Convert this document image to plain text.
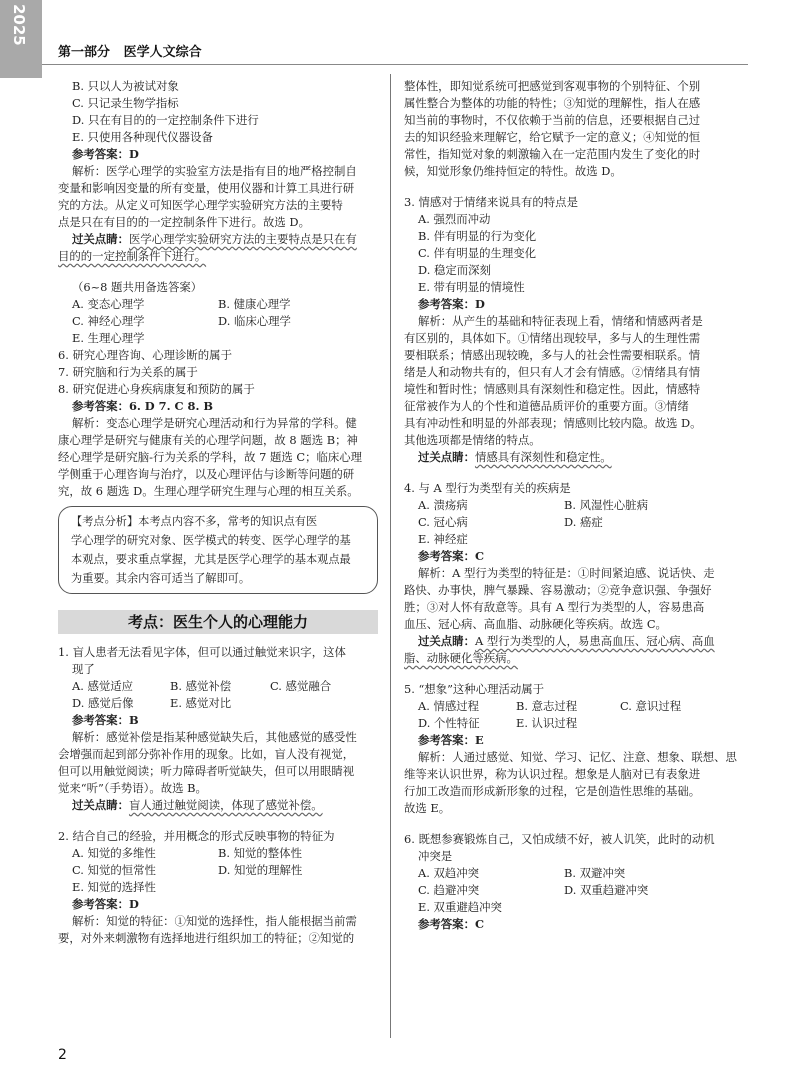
2025
第一部分 医学人文综合
B. 只以人为被试对象
C. 只记录生物学指标
D. 只在有目的的一定控制条件下进行
E. 只使用各种现代仪器设备
参考答案：D
解析：医学心理学的实验室方法是指有目的地严格控制自
变量和影响因变量的所有变量，使用仪器和计算工具进行研
究的方法。从定义可知医学心理学实验研究方法的主要特
点是只在有目的的一定控制条件下进行。故选 D。
过关点睛：医学心理学实验研究方法的主要特点是只在有
目的的一定控制条件下进行。
（6~8 题共用备选答案）
A. 变态心理学	B. 健康心理学
C. 神经心理学	D. 临床心理学
E. 生理心理学
6. 研究心理咨询、心理诊断的属于
7. 研究脑和行为关系的属于
8. 研究促进心身疾病康复和预防的属于
参考答案：6. D 7. C 8. B
解析：变态心理学是研究心理活动和行为异常的学科。健
康心理学是研究与健康有关的心理学问题，故 8 题选 B；神
经心理学是研究脑-行为关系的学科，故 7 题选 C；临床心理
学侧重于心理咨询与治疗，以及心理评估与诊断等问题的研
究，故 6 题选 D。生理心理学研究生理与心理的相互关系。
【考点分析】本考点内容不多，常考的知识点有医
学心理学的研究对象、医学模式的转变、医学心理学的基
本观点，要求重点掌握，尤其是医学心理学的基本观点最
为重要。其余内容可适当了解即可。
考点：医生个人的心理能力
1. 盲人患者无法看见字体，但可以通过触觉来识字，这体
现了
A. 感觉适应	B. 感觉补偿	C. 感觉融合
D. 感觉后像	E. 感觉对比
参考答案：B
解析：感觉补偿是指某种感觉缺失后，其他感觉的感受性
会增强而起到部分弥补作用的现象。比如，盲人没有视觉，
但可以用触觉阅读；听力障碍者听觉缺失，但可以用眼睛视
觉来“听”（手势语）。故选 B。
过关点睛：盲人通过触觉阅读，体现了感觉补偿。
2. 结合自己的经验，并用概念的形式反映事物的特征为
A. 知觉的多维性	B. 知觉的整体性
C. 知觉的恒常性	D. 知觉的理解性
E. 知觉的选择性
参考答案：D
解析：知觉的特征：①知觉的选择性，指人能根据当前需
要，对外来刺激物有选择地进行组织加工的特征；②知觉的
整体性，即知觉系统可把感觉到客观事物的个别特征、个别
属性整合为整体的功能的特性；③知觉的理解性，指人在感
知当前的事物时，不仅依赖于当前的信息，还要根据自己过
去的知识经验来理解它，给它赋予一定的意义；④知觉的恒
常性，指知觉对象的刺激输入在一定范围内发生了变化的时
候，知觉形象仍维持恒定的特性。故选 D。
3. 情感对于情绪来说具有的特点是
A. 强烈而冲动
B. 伴有明显的行为变化
C. 伴有明显的生理变化
D. 稳定而深刻
E. 带有明显的情境性
参考答案：D
解析：从产生的基础和特征表现上看，情绪和情感两者是
有区别的，具体如下。①情绪出现较早，多与人的生理性需
要相联系；情感出现较晚，多与人的社会性需要相联系。情
绪是人和动物共有的，但只有人才会有情感。②情绪具有情
境性和暂时性；情感则具有深刻性和稳定性。因此，情感特
征常被作为人的个性和道德品质评价的重要方面。③情绪
具有冲动性和明显的外部表现；情感则比较内隐。故选 D。
其他选项都是情绪的特点。
过关点睛：情感具有深刻性和稳定性。
4. 与 A 型行为类型有关的疾病是
A. 溃疡病	B. 风湿性心脏病
C. 冠心病	D. 癌症
E. 神经症
参考答案：C
解析：A 型行为类型的特征是：①时间紧迫感、说话快、走
路快、办事快，脾气暴躁、容易激动；②竞争意识强、争强好
胜；③对人怀有敌意等。具有 A 型行为类型的人，容易患高
血压、冠心病、高血脂、动脉硬化等疾病。故选 C。
过关点睛：A 型行为类型的人，易患高血压、冠心病、高血
脂、动脉硬化等疾病。
5. “想象”这种心理活动属于
A. 情感过程	B. 意志过程	C. 意识过程
D. 个性特征	E. 认识过程
参考答案：E
解析：人通过感觉、知觉、学习、记忆、注意、想象、联想、思
维等来认识世界，称为认识过程。想象是人脑对已有表象进
行加工改造而形成新形象的过程，它是创造性思维的基础。
故选 E。
6. 既想参赛锻炼自己，又怕成绩不好，被人讥笑，此时的动机
冲突是
A. 双趋冲突	B. 双避冲突
C. 趋避冲突	D. 双重趋避冲突
E. 双重避趋冲突
参考答案：C
2
